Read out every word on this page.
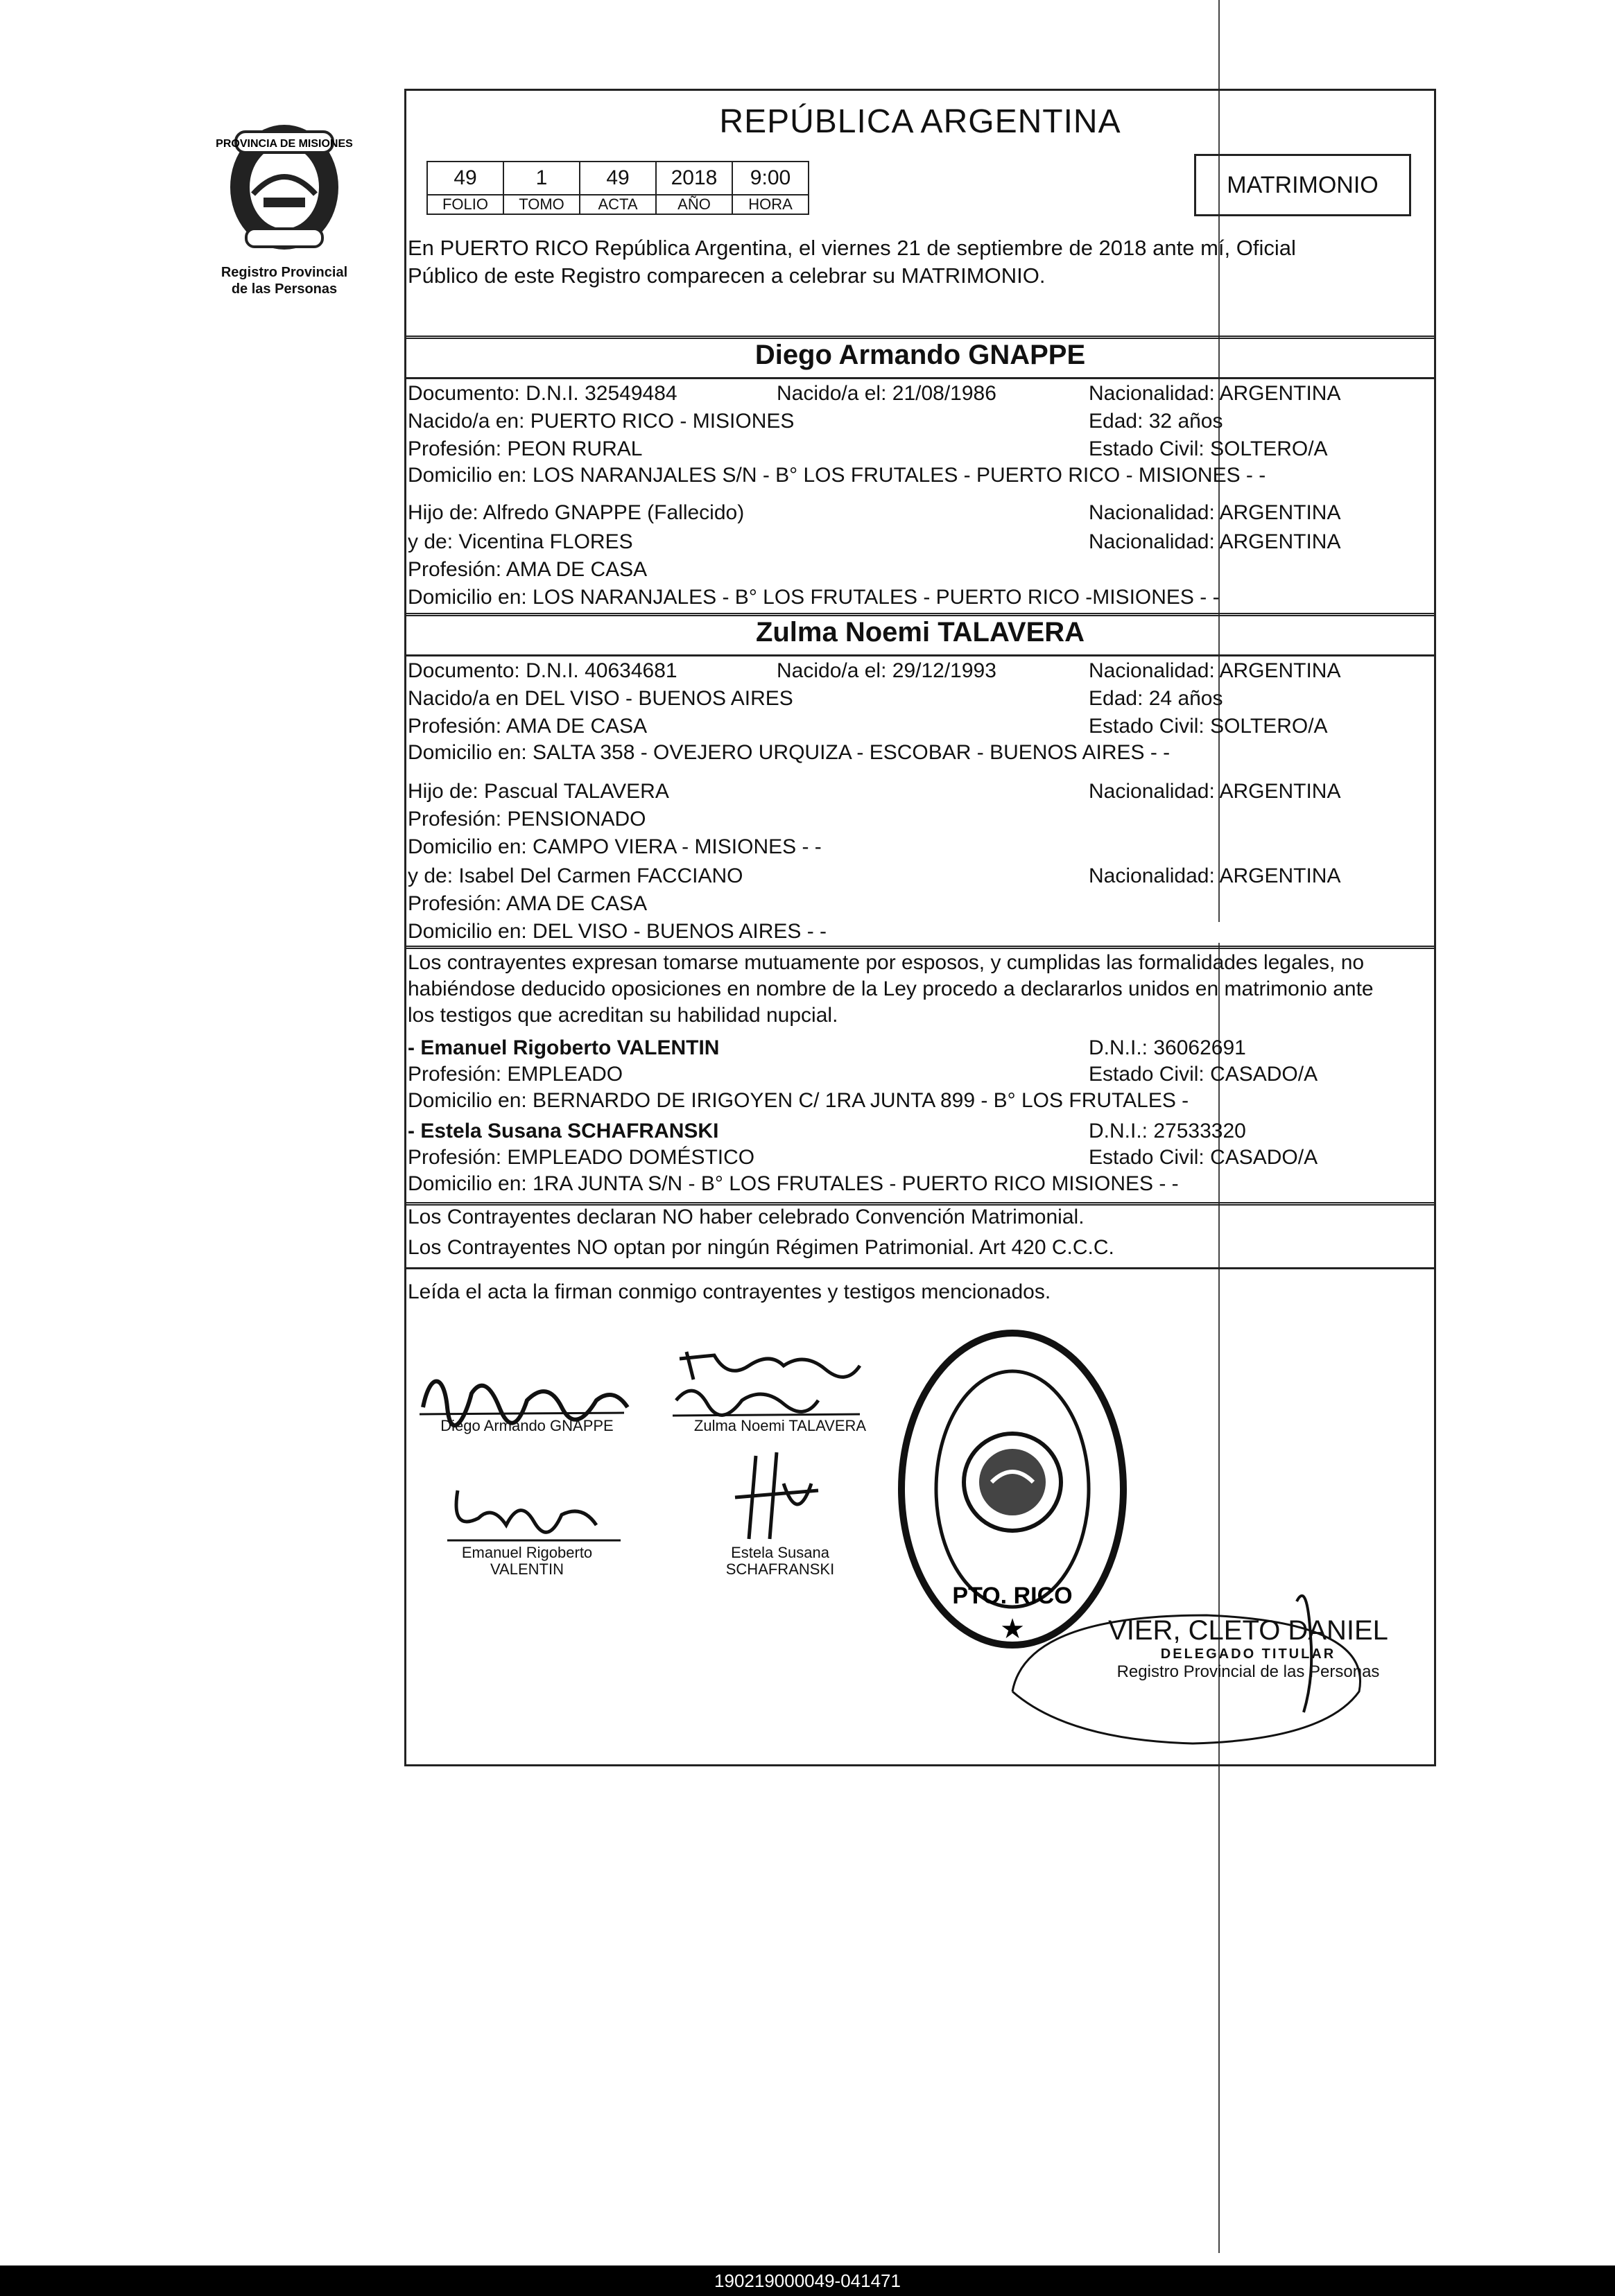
PROVINCIA DE MISIONES
Registro Provincial
de las Personas
REPÚBLICA ARGENTINA
49	1	49	2018	9:00
FOLIO	TOMO	ACTA	AÑO	HORA
MATRIMONIO
En PUERTO RICO República Argentina, el viernes 21 de septiembre de 2018 ante mí, Oficial
Público de este Registro comparecen a celebrar su MATRIMONIO.
Diego Armando GNAPPE
Documento: D.N.I. 32549484	Nacido/a el: 21/08/1986	Nacionalidad: ARGENTINA
Nacido/a en: PUERTO RICO - MISIONES	Edad: 32 años
Profesión: PEON RURAL	Estado Civil: SOLTERO/A
Domicilio en: LOS NARANJALES S/N - B° LOS FRUTALES - PUERTO RICO - MISIONES - -
Hijo de: Alfredo GNAPPE (Fallecido)	Nacionalidad: ARGENTINA
y de: Vicentina FLORES	Nacionalidad: ARGENTINA
Profesión: AMA DE CASA
Domicilio en: LOS NARANJALES - B° LOS FRUTALES - PUERTO RICO -MISIONES - -
Zulma Noemi TALAVERA
Documento: D.N.I. 40634681	Nacido/a el: 29/12/1993	Nacionalidad: ARGENTINA
Nacido/a en DEL VISO - BUENOS AIRES	Edad: 24 años
Profesión: AMA DE CASA	Estado Civil: SOLTERO/A
Domicilio en: SALTA 358 - OVEJERO URQUIZA - ESCOBAR - BUENOS AIRES - -
Hijo de: Pascual TALAVERA	Nacionalidad: ARGENTINA
Profesión: PENSIONADO
Domicilio en: CAMPO VIERA - MISIONES - -
y de: Isabel Del Carmen FACCIANO	Nacionalidad: ARGENTINA
Profesión: AMA DE CASA
Domicilio en: DEL VISO - BUENOS AIRES - -
Los contrayentes expresan tomarse mutuamente por esposos, y cumplidas las formalidades legales, no
habiéndose deducido oposiciones en nombre de la Ley procedo a declararlos unidos en matrimonio ante
los testigos que acreditan su habilidad nupcial.
- Emanuel Rigoberto VALENTIN	D.N.I.: 36062691
Profesión: EMPLEADO	Estado Civil: CASADO/A
Domicilio en: BERNARDO DE IRIGOYEN C/ 1RA JUNTA 899 - B° LOS FRUTALES -
- Estela Susana SCHAFRANSKI	D.N.I.: 27533320
Profesión: EMPLEADO DOMÉSTICO	Estado Civil: CASADO/A
Domicilio en: 1RA JUNTA S/N - B° LOS FRUTALES - PUERTO RICO MISIONES - -
Los Contrayentes declaran NO haber celebrado Convención Matrimonial.
Los Contrayentes NO optan por ningún Régimen Patrimonial. Art 420 C.C.C.
Leída el acta la firman conmigo contrayentes y testigos mencionados.
Diego Armando GNAPPE	Zulma Noemi TALAVERA
Emanuel Rigoberto
VALENTIN
Estela Susana
SCHAFRANSKI
★
PTO. RICO
VIER, CLETO DANIEL
DELEGADO TITULAR
Registro Provincial de las Personas
190219000049-041471
